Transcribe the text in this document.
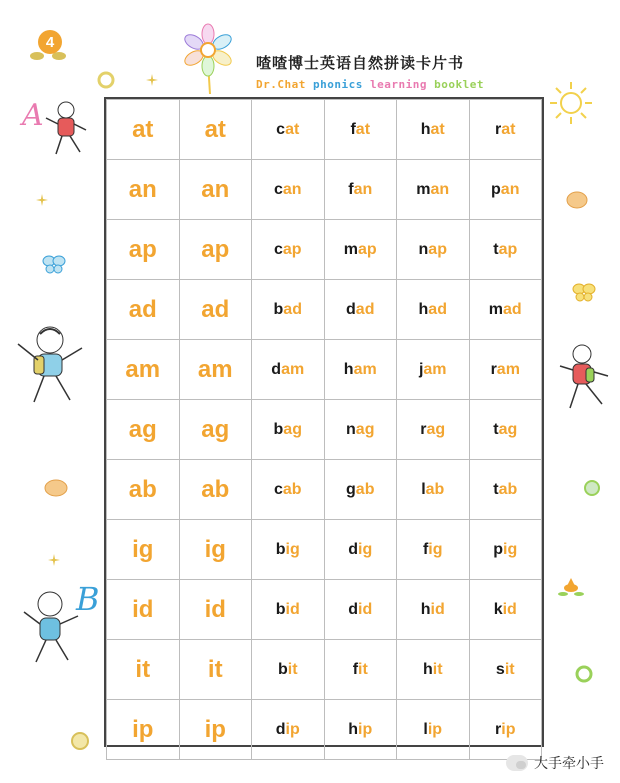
4
喳喳博士英语自然拼读卡片书
Dr.Chat phonics learning booklet
A
B
at	at	cat	fat	hat	rat
an	an	can	fan	man	pan
ap	ap	cap	map	nap	tap
ad	ad	bad	dad	had	mad
am	am	dam	ham	jam	ram
ag	ag	bag	nag	rag	tag
ab	ab	cab	gab	lab	tab
ig	ig	big	dig	fig	pig
id	id	bid	did	hid	kid
it	it	bit	fit	hit	sit
ip	ip	dip	hip	lip	rip
大手牵小手
